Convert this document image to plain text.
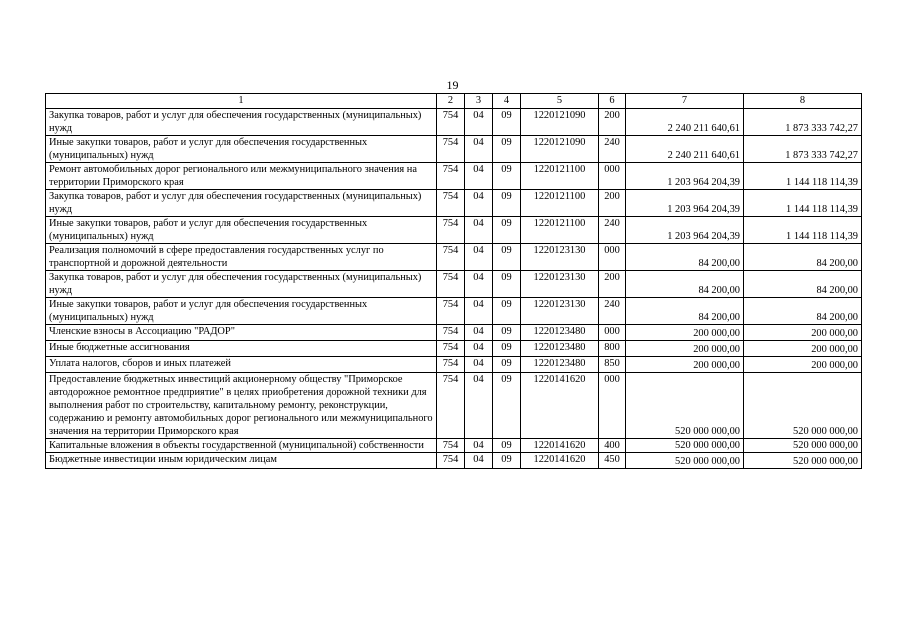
19
1	2	3	4	5	6	7	8
Закупка товаров, работ и услуг для обеспечения государственных (муниципальных) нужд	754	04	09	1220121090	200	2 240 211 640,61	1 873 333 742,27
Иные закупки товаров, работ и услуг для обеспечения государственных (муниципальных) нужд	754	04	09	1220121090	240	2 240 211 640,61	1 873 333 742,27
Ремонт автомобильных дорог регионального или межмуниципального значения на территории Приморского края	754	04	09	1220121100	000	1 203 964 204,39	1 144 118 114,39
Закупка товаров, работ и услуг для обеспечения государственных (муниципальных) нужд	754	04	09	1220121100	200	1 203 964 204,39	1 144 118 114,39
Иные закупки товаров, работ и услуг для обеспечения государственных (муниципальных) нужд	754	04	09	1220121100	240	1 203 964 204,39	1 144 118 114,39
Реализация полномочий в сфере предоставления государственных услуг по транспортной и дорожной деятельности	754	04	09	1220123130	000	84 200,00	84 200,00
Закупка товаров, работ и услуг для обеспечения государственных (муниципальных) нужд	754	04	09	1220123130	200	84 200,00	84 200,00
Иные закупки товаров, работ и услуг для обеспечения государственных (муниципальных) нужд	754	04	09	1220123130	240	84 200,00	84 200,00
Членские взносы в Ассоциацию "РАДОР"	754	04	09	1220123480	000	200 000,00	200 000,00
Иные бюджетные ассигнования	754	04	09	1220123480	800	200 000,00	200 000,00
Уплата налогов, сборов и иных платежей	754	04	09	1220123480	850	200 000,00	200 000,00
Предоставление бюджетных инвестиций акционерному обществу "Приморское автодорожное ремонтное предприятие" в целях приобретения дорожной техники для выполнения работ по строительству, капитальному ремонту, реконструкции, содержанию и ремонту автомобильных дорог регионального или межмуниципального значения на территории Приморского края	754	04	09	1220141620	000	520 000 000,00	520 000 000,00
Капитальные вложения в объекты государственной (муниципальной) собственности	754	04	09	1220141620	400	520 000 000,00	520 000 000,00
Бюджетные инвестиции иным юридическим лицам	754	04	09	1220141620	450	520 000 000,00	520 000 000,00
